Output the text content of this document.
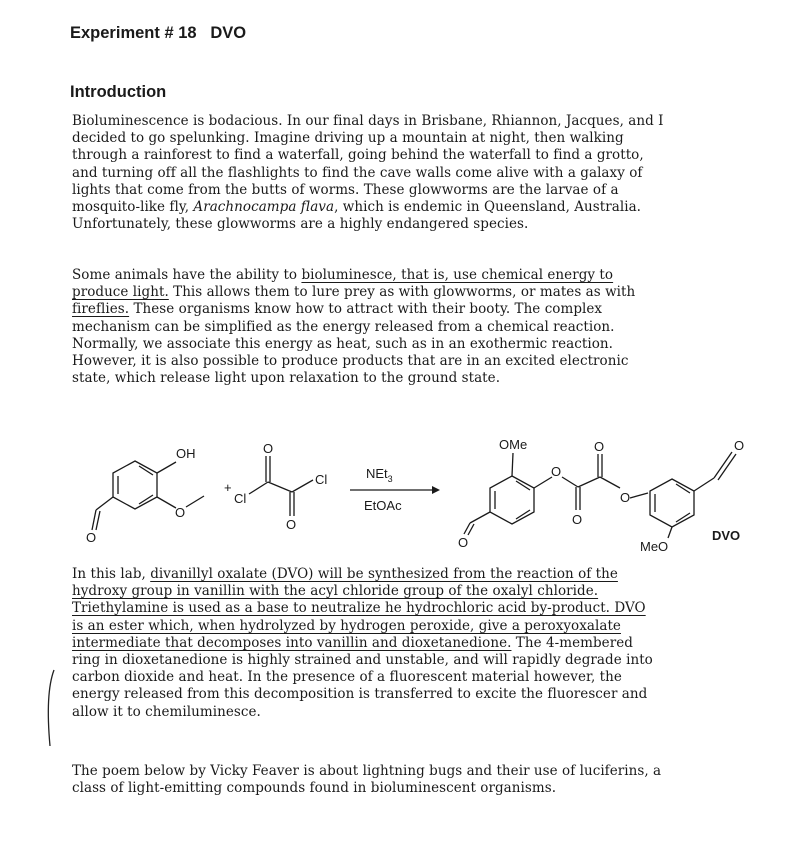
Experiment # 18   DVO
Introduction
Bioluminescence is bodacious. In our final days in Brisbane, Rhiannon, Jacques, and I
decided to go spelunking. Imagine driving up a mountain at night, then walking
through a rainforest to find a waterfall, going behind the waterfall to find a grotto,
and turning off all the flashlights to find the cave walls come alive with a galaxy of
lights that come from the butts of worms. These glowworms are the larvae of a
mosquito-like fly, Arachnocampa flava, which is endemic in Queensland, Australia.
Unfortunately, these glowworms are a highly endangered species.
Some animals have the ability to bioluminesce, that is, use chemical energy to
produce light. This allows them to lure prey as with glowworms, or mates as with
fireflies. These organisms know how to attract with their booty. The complex
mechanism can be simplified as the energy released from a chemical reaction.
Normally, we associate this energy as heat, such as in an exothermic reaction.
However, it is also possible to produce products that are in an excited electronic
state, which release light upon relaxation to the ground state.
OH
O
O
+
O
O
Cl
Cl	NEt$_3$
EtOAc
OMe
O
O
O
O
O
O	MeO
DVO
In this lab, divanillyl oxalate (DVO) will be synthesized from the reaction of the
hydroxy group in vanillin with the acyl chloride group of the oxalyl chloride.
Triethylamine is used as a base to neutralize he hydrochloric acid by-product. DVO
is an ester which, when hydrolyzed by hydrogen peroxide, give a peroxyoxalate
intermediate that decomposes into vanillin and dioxetanedione. The 4-membered
ring in dioxetanedione is highly strained and unstable, and will rapidly degrade into
carbon dioxide and heat. In the presence of a fluorescent material however, the
energy released from this decomposition is transferred to excite the fluorescer and
allow it to chemiluminesce.
The poem below by Vicky Feaver is about lightning bugs and their use of luciferins, a
class of light-emitting compounds found in bioluminescent organisms.
